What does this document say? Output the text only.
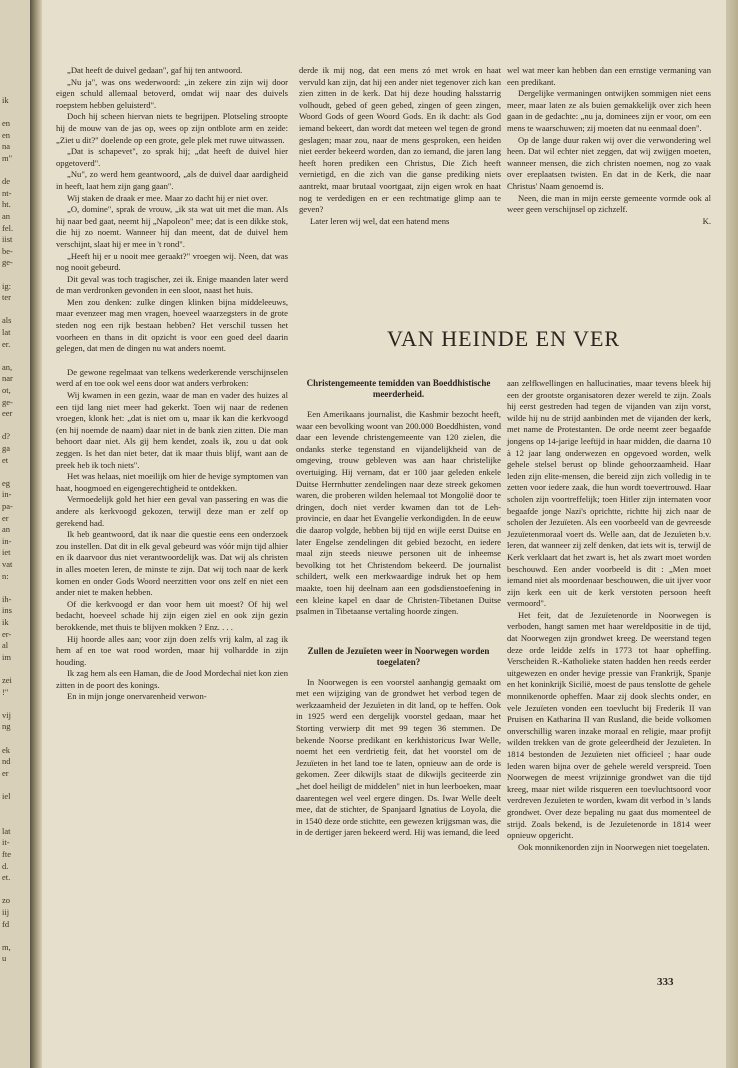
ik
en
en
na
m"
de
nt-
ht.
an
fel.
iist
be-
ge-
ig:
ter
als
lat
er.
an,
nar
ot,
ge-
eer
d?
ga
et
eg
in-
pa-
er
an
in-
iet
vat
n:
ih-
ins
ik
er-
al
im
zei
!"
vij
ng
ek
nd
er
iel
lat
it-
fte
d.
et.
zo
iij
fd
m,
u

„Dat heeft de duivel gedaan", gaf hij ten antwoord.

„Nu ja", was ons wederwoord: „in zekere zin zijn wij door eigen schuld allemaal betoverd, omdat wij naar des duivels roepstem hebben geluisterd".

Doch hij scheen hiervan niets te begrijpen. Plotseling stroopte hij de mouw van de jas op, wees op zijn ontblote arm en zeide: „Ziet u dit?" doelende op een grote, gele plek met ruwe uitwassen.

„Dat is schapevet", zo sprak hij; „dat heeft de duivel hier opgetoverd".

„Nu", zo werd hem geantwoord, „als de duivel daar aardigheid in heeft, laat hem zijn gang gaan".

Wij staken de draak er mee. Maar zo dacht hij er niet over.

„O, domine", sprak de vrouw, „ik sta wat uit met die man. Als hij naar bed gaat, neemt hij „Napoleon" mee; dat is een dikke stok, die hij zo noemt. Wanneer hij dan meent, dat de duivel hem verschijnt, slaat hij er mee in 't rond".

„Heeft hij er u nooit mee geraakt?" vroegen wij. Neen, dat was nog nooit gebeurd.

Dit geval was toch tragischer, zei ik. Enige maanden later werd de man verdronken gevonden in een sloot, naast het huis.

Men zou denken: zulke dingen klinken bijna middeleeuws, maar evenzeer mag men vragen, hoeveel waarzegsters in de grote steden nog een rijk bestaan hebben? Het verschil tussen het voorheen en thans in dit opzicht is voor een goed deel daarin gelegen, dat men de dingen nu wat anders noemt.

De gewone regelmaat van telkens wederkerende verschijnselen werd af en toe ook wel eens door wat anders verbroken:

Wij kwamen in een gezin, waar de man en vader des huizes al een tijd lang niet meer had gekerkt. Toen wij naar de redenen vroegen, klonk het: „dat is niet om u, maar ik kan die kerkvoogd (en hij noemde de naam) daar niet in de bank zien zitten. Die man behoort daar niet. Als gij hem kendet, zoals ik, zou u dat ook zeggen. Is het dan niet beter, dat ik maar thuis blijf, want aan de preek heb ik toch niets".

Het was helaas, niet moeilijk om hier de hevige symptomen van haat, hoogmoed en eigengerechtigheid te ontdekken.

Vermoedelijk gold het hier een geval van passering en was die andere als kerkvoogd gekozen, terwijl deze man er zelf op gerekend had.

Ik heb geantwoord, dat ik naar die questie eens een onderzoek zou instellen. Dat dit in elk geval gebeurd was vóór mijn tijd alhier en ik daarvoor dus niet verantwoordelijk was. Dat wij als christen in alles moeten leren, de minste te zijn. Dat wij toch naar de kerk komen en onder Gods Woord neerzitten voor ons zelf en niet een ander niet te maken hebben.

Of die kerkvoogd er dan voor hem uit moest? Of hij wel bedacht, hoeveel schade hij zijn eigen ziel en ook zijn gezin berokkende, met thuis te blijven mokken ? Enz. . . .

Hij hoorde alles aan; voor zijn doen zelfs vrij kalm, al zag ik hem af en toe wat rood worden, maar hij volhardde in zijn houding.

Ik zag hem als een Haman, die de Jood Mordechaï niet kon zien zitten in de poort des konings.

En in mijn jonge onervarenheid verwon-

derde ik mij nog, dat een mens zó met wrok en haat vervuld kan zijn, dat hij een ander niet tegenover zich kan zien zitten in de kerk. Dat hij deze houding halsstarrig volhoudt, gebed of geen gebed, zingen of geen zingen, Woord Gods of geen Woord Gods. En ik dacht: als God iemand bekeert, dan wordt dat meteen wel tegen de grond geslagen; maar zou, naar de mens gesproken, een heiden niet eerder bekeerd worden, dan zo iemand, die jaren lang heeft horen prediken een Christus, Die Zich heeft vernietigd, en die zich van die ganse prediking niets aantrekt, maar brutaal voortgaat, zijn eigen wrok en haat nog te verdedigen en er een rechtmatige glimp aan te geven?

Later leren wij wel, dat een hatend mens

wel wat meer kan hebben dan een ernstige vermaning van een predikant.

Dergelijke vermaningen ontwijken sommigen niet eens meer, maar laten ze als buien gemakkelijk over zich heen gaan in de gedachte: „nu ja, dominees zijn er voor, om een mens te waarschuwen; zij moeten dat nu eenmaal doen".

Op de lange duur raken wij over die verwondering wel heen. Dat wil echter niet zeggen, dat wij zwijgen moeten, wanneer mensen, die zich christen noemen, nog zo vaak over ereplaatsen twisten. En dat in de Kerk, die naar Christus' Naam genoemd is.

Neen, die man in mijn eerste gemeente vormde ook al weer geen verschijnsel op zichzelf.

K.
VAN HEINDE EN VER
Christengemeente temidden van Boeddhistische meerderheid.

Een Amerikaans journalist, die Kashmir bezocht heeft, waar een bevolking woont van 200.000 Boeddhisten, vond daar een levende christengemeente van 120 zielen, die ondanks sterke tegenstand en vijandelijkheid van de omgeving, trouw gebleven was aan haar christelijke overtuiging. Hij vernam, dat er 100 jaar geleden enkele Duitse Herrnhutter zendelingen naar deze streek gekomen waren, die proberen wilden helemaal tot Mongolië door te dringen, doch niet verder kwamen dan tot de Leh-provincie, en daar het Evangelie verkondigden. In de eeuw die daarop volgde, hebben bij tijd en wijle eerst Duitse en later Engelse zendelingen dit gebied bezocht, en iedere maal zijn steeds nieuwe personen uit de inheemse bevolking tot het Christendom bekeerd. De journalist schildert, welk een merkwaardige indruk het op hem maakte, toen hij deelnam aan een godsdienstoefening in een kleine kapel en daar de Christen-Tibetanen Duitse psalmen in Tibetaanse vertaling hoorde zingen.

Zullen de Jezuïeten weer in Noorwegen worden toegelaten?

In Noorwegen is een voorstel aanhangig gemaakt om met een wijziging van de grondwet het verbod tegen de werkzaamheid der Jezuïeten in dit land, op te heffen. Ook in 1925 werd een dergelijk voorstel gedaan, maar het Storting verwierp dit met 99 tegen 36 stemmen. De bekende Noorse predikant en kerkhistoricus Iwar Welle, noemt het een verdrietig feit, dat het voorstel om de Jezuïeten in het land toe te laten, opnieuw aan de orde is gekomen. Zeer dikwijls staat de dikwijls geciteerde zin „het doel heiligt de middelen" niet in hun leerboeken, maar daarentegen wel veel ergere dingen. Ds. Iwar Welle deelt mee, dat de stichter, de Spanjaard Ignatius de Loyola, die in 1540 deze orde stichtte, een gewezen krijgsman was, die in de dertiger jaren bekeerd werd. Hij was iemand, die leed

aan zelfkwellingen en hallucinaties, maar tevens bleek hij een der grootste organisatoren dezer wereld te zijn. Zoals hij eerst gestreden had tegen de vijanden van zijn vorst, wilde hij nu de strijd aanbinden met de vijanden der kerk, met name de Protestanten. De orde neemt zeer begaafde jongens op 14-jarige leeftijd in haar midden, die daarna 10 à 12 jaar lang onderwezen en opgevoed worden, welk gehele stelsel berust op blinde gehoorzaamheid. Haar leden zijn elite-mensen, die bereid zijn zich volledig in te zetten voor iedere zaak, die hun wordt toevertrouwd. Haar scholen zijn voortreffelijk; toen Hitler zijn internaten voor begaafde jonge Nazi's oprichtte, richtte hij zich naar de scholen der Jezuïeten. Als een voorbeeld van de gevreesde Jezuïetenmoraal voert ds. Welle aan, dat de Jezuïeten b.v. leren, dat wanneer zij zelf denken, dat iets wit is, terwijl de Kerk verklaart dat het zwart is, het als zwart moet worden beschouwd. Een ander voorbeeld is dit : „Men moet iemand niet als moordenaar beschouwen, die uit ijver voor zijn kerk een uit de kerk verstoten persoon heeft vermoord".

Het feit, dat de Jezuïetenorde in Noorwegen is verboden, hangt samen met haar wereldpositie in de tijd, dat Noorwegen zijn grondwet kreeg. De weerstand tegen deze orde leidde zelfs in 1773 tot haar opheffing. Verscheiden R.-Katholieke staten hadden hen reeds eerder uitgewezen en onder hevige pressie van Frankrijk, Spanje en het koninkrijk Sicilië, moest de paus tenslotte de gehele monnikenorde opheffen. Maar zij dook slechts onder, en vele Jezuïeten vonden een toevlucht bij Frederik II van Pruisen en Katharina II van Rusland, die beide volkomen onverschillig waren inzake moraal en religie, maar profijt wilden trekken van de grote geleerdheid der Jezuïeten. In 1814 bestonden de Jezuïeten niet officieel ; haar oude leden waren bijna over de gehele wereld verspreid. Toen Noorwegen de meest vrijzinnige grondwet van die tijd kreeg, maar niet wilde risqueren een toevluchtsoord voor verdreven Jezuïeten te worden, kwam dit verbod in 's lands grondwet. Over deze bepaling nu gaat dus momenteel de strijd. Zoals bekend, is de Jezuïetenorde in 1814 weer opnieuw opgericht.

Ook monnikenorden zijn in Noorwegen niet toegelaten.

333
